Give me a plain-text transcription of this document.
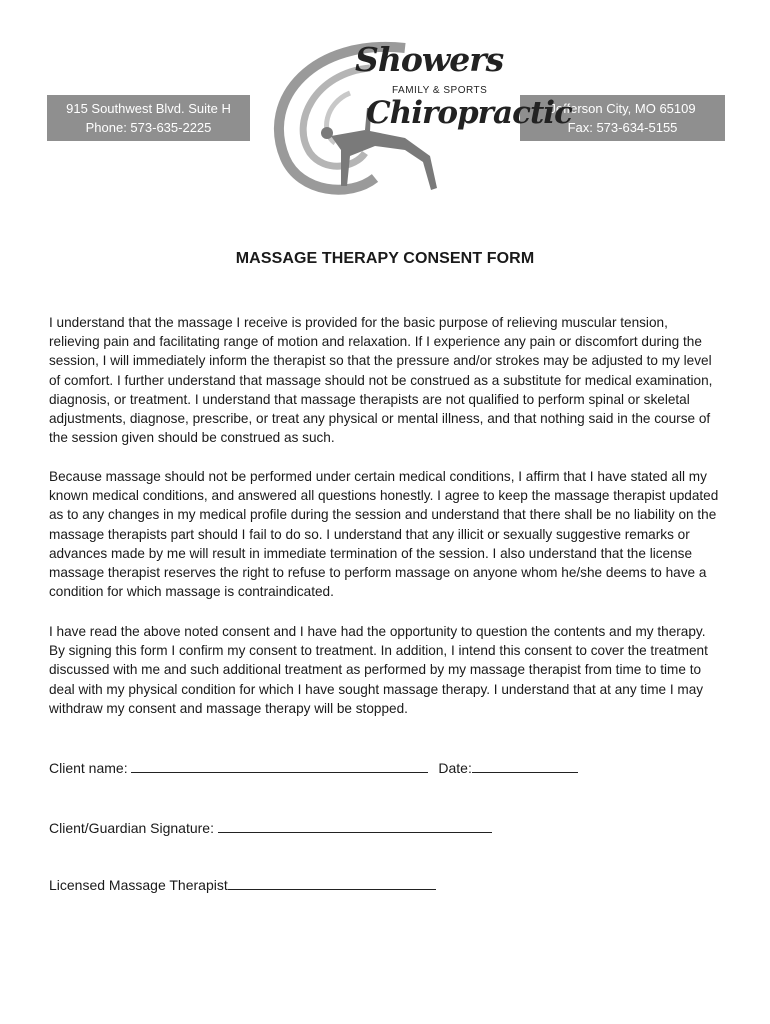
915 Southwest Blvd. Suite H
Phone: 573-635-2225
Jefferson City, MO 65109
Fax: 573-634-5155
Showers
FAMILY & SPORTS
Chiropractic
MASSAGE THERAPY CONSENT FORM

I understand that the massage I receive is provided for the basic purpose of relieving muscular tension, relieving pain and facilitating range of motion and relaxation. If I experience any pain or discomfort during the session, I will immediately inform the therapist so that the pressure and/or strokes may be adjusted to my level of comfort. I further understand that massage should not be construed as a substitute for medical examination, diagnosis, or treatment. I understand that massage therapists are not qualified to perform spinal or skeletal adjustments, diagnose, prescribe, or treat any physical or mental illness, and that nothing said in the course of the session given should be construed as such.

Because massage should not be performed under certain medical conditions, I affirm that I have stated all my known medical conditions, and answered all questions honestly. I agree to keep the massage therapist updated as to any changes in my medical profile during the session and understand that there shall be no liability on the massage therapists part should I fail to do so. I understand that any illicit or sexually suggestive remarks or advances made by me will result in immediate termination of the session. I also understand that the license massage therapist reserves the right to refuse to perform massage on anyone whom he/she deems to have a condition for which massage is contraindicated.

I have read the above noted consent and I have had the opportunity to question the contents and my therapy. By signing this form I confirm my consent to treatment. In addition, I intend this consent to cover the treatment discussed with me and such additional treatment as performed by my massage therapist from time to time to deal with my physical condition for which I have sought massage therapy. I understand that at any time I may withdraw my consent and massage therapy will be stopped.

Client name:	Date:
Client/Guardian Signature:
Licensed Massage Therapist
